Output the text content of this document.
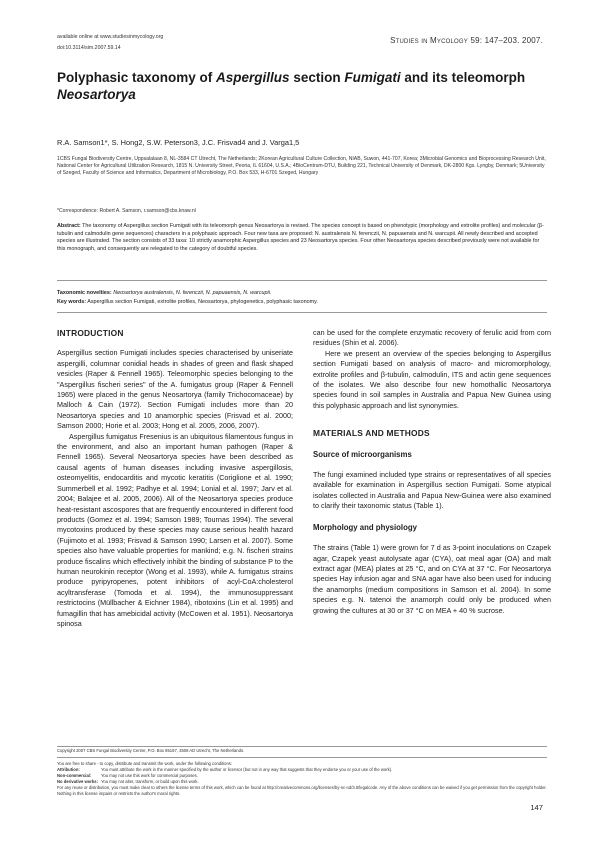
available online at www.studiesinmycology.org
doi:10.3114/sim.2007.59.14
Studies in Mycology 59: 147–203. 2007.
Polyphasic taxonomy of Aspergillus section Fumigati and its teleomorph
Neosartorya
R.A. Samson1*, S. Hong2, S.W. Peterson3, J.C. Frisvad4 and J. Varga1,5
1CBS Fungal Biodiversity Centre, Uppsalalaan 8, NL-3584 CT Utrecht, The Netherlands; 2Korean Agricultural Culture Collection, NIAB, Suwon, 441-707, Korea; 3Microbial Genomics and Bioprocessing Research Unit, National Center for Agricultural Utilization Research, 1815 N. University Street, Peoria, IL 61604, U.S.A.; 4BioCentrum-DTU, Building 221, Technical University of Denmark, DK-2800 Kgs. Lyngby, Denmark; 5University of Szeged, Faculty of Science and Informatics, Department of Microbiology, P.O. Box 533, H-6701 Szeged, Hungary
*Correspondence: Robert A. Samson, r.samson@cbs.knaw.nl
Abstract: The taxonomy of Aspergillus section Fumigati with its teleomorph genus Neosartorya is revised. The species concept is based on phenotypic (morphology and extrolite profiles) and molecular (β-tubulin and calmodulin gene sequences) characters in a polyphasic approach. Four new taxa are proposed: N. australensis N. ferenczii, N. papuaensis and N. warcupii. All newly described and accepted species are illustrated. The section consists of 33 taxa: 10 strictly anamorphic Aspergillus species and 23 Neosartorya species. Four other Neosartorya species described previously were not available for this monograph, and consequently are relegated to the category of doubtful species.
Taxonomic novelties: Neosartorya australensis, N. ferenczii, N. papuaensis, N. warcupii.
Key words: Aspergillus section Fumigati, extrolite profiles, Neosartorya, phylogenetics, polyphasic taxonomy.
INTRODUCTION

Aspergillus section Fumigati includes species characterised by uniseriate aspergilli, columnar conidial heads in shades of green and flask shaped vesicles (Raper & Fennell 1965). Teleomorphic species belonging to the "Aspergillus fischeri series" of the A. fumigatus group (Raper & Fennell 1965) were placed in the genus Neosartorya (family Trichocomaceae) by Malloch & Cain (1972). Section Fumigati includes more than 20 Neosartorya species and 10 anamorphic species (Frisvad et al. 2000; Samson 2000; Horie et al. 2003; Hong et al. 2005, 2006, 2007).

Aspergillus fumigatus Fresenius is an ubiquitous filamentous fungus in the environment, and also an important human pathogen (Raper & Fennell 1965). Several Neosartorya species have been described as causal agents of human diseases including invasive aspergillosis, osteomyelitis, endocarditis and mycotic keratitis (Coriglione et al. 1990; Summerbell et al. 1992; Padhye et al. 1994; Lonial et al. 1997; Jarv et al. 2004; Balajee et al. 2005, 2006). All of the Neosartorya species produce heat-resistant ascospores that are frequently encountered in different food products (Gomez et al. 1994; Samson 1989; Tournas 1994). The several mycotoxins produced by these species may cause serious health hazard (Fujimoto et al. 1993; Frisvad & Samson 1990; Larsen et al. 2007). Some species also have valuable properties for mankind; e.g. N. fischeri strains produce fiscalins which effectively inhibit the binding of substance P to the human neurokinin receptor (Wong et al. 1993), while A. fumigatus strains produce pyripyropenes, potent inhibitors of acyl-CoA:cholesterol acyltransferase (Tomoda et al. 1994), the immunosuppressant restrictocins (Müllbacher & Eichner 1984), ribotoxins (Lin et al. 1995) and fumagillin that has amebicidal activity (McCowen et al. 1951). Neosartorya spinosa

can be used for the complete enzymatic recovery of ferulic acid from corn residues (Shin et al. 2006).

Here we present an overview of the species belonging to Aspergillus section Fumigati based on analysis of macro- and micromorphology, extrolite profiles and β-tubulin, calmodulin, ITS and actin gene sequences of the isolates. We also describe four new homothallic Neosartorya species found in soil samples in Australia and Papua New Guinea using this polyphasic approach and list synonymies.

MATERIALS AND METHODS
Source of microorganisms

The fungi examined included type strains or representatives of all species available for examination in Aspergillus section Fumigati. Some atypical isolates collected in Australia and Papua New-Guinea were also examined to clarify their taxonomic status (Table 1).

Morphology and physiology

The strains (Table 1) were grown for 7 d as 3-point inoculations on Czapek agar, Czapek yeast autolysate agar (CYA), oat meal agar (OA) and malt extract agar (MEA) plates at 25 °C, and on CYA at 37 °C. For Neosartorya species Hay infusion agar and SNA agar have also been used for inducing the anamorphs (medium compositions in Samson et al. 2004). In some species e.g. N. tatenoi the anamorph could only be produced when growing the cultures at 30 or 37 °C on MEA + 40 % sucrose.

Copyright 2007 CBS Fungal Biodiversity Centre, P.O. Box 85167, 3508 AD Utrecht, The Netherlands.
You are free to share - to copy, distribute and transmit the work, under the following conditions:
Attribution:	You must attribute the work in the manner specified by the author or licensor (but not in any way that suggests that they endorse you or your use of the work).
Non-commercial: You may not use this work for commercial purposes.
No derivative works: You may not alter, transform, or build upon this work.
For any reuse or distribution, you must make clear to others the license terms of this work, which can be found at http://creativecommons.org/licenses/by-nc-nd/3.0/legalcode. Any of the above conditions can be waived if you get permission from the copyright holder. Nothing in this license impairs or restricts the author's moral rights.
147
